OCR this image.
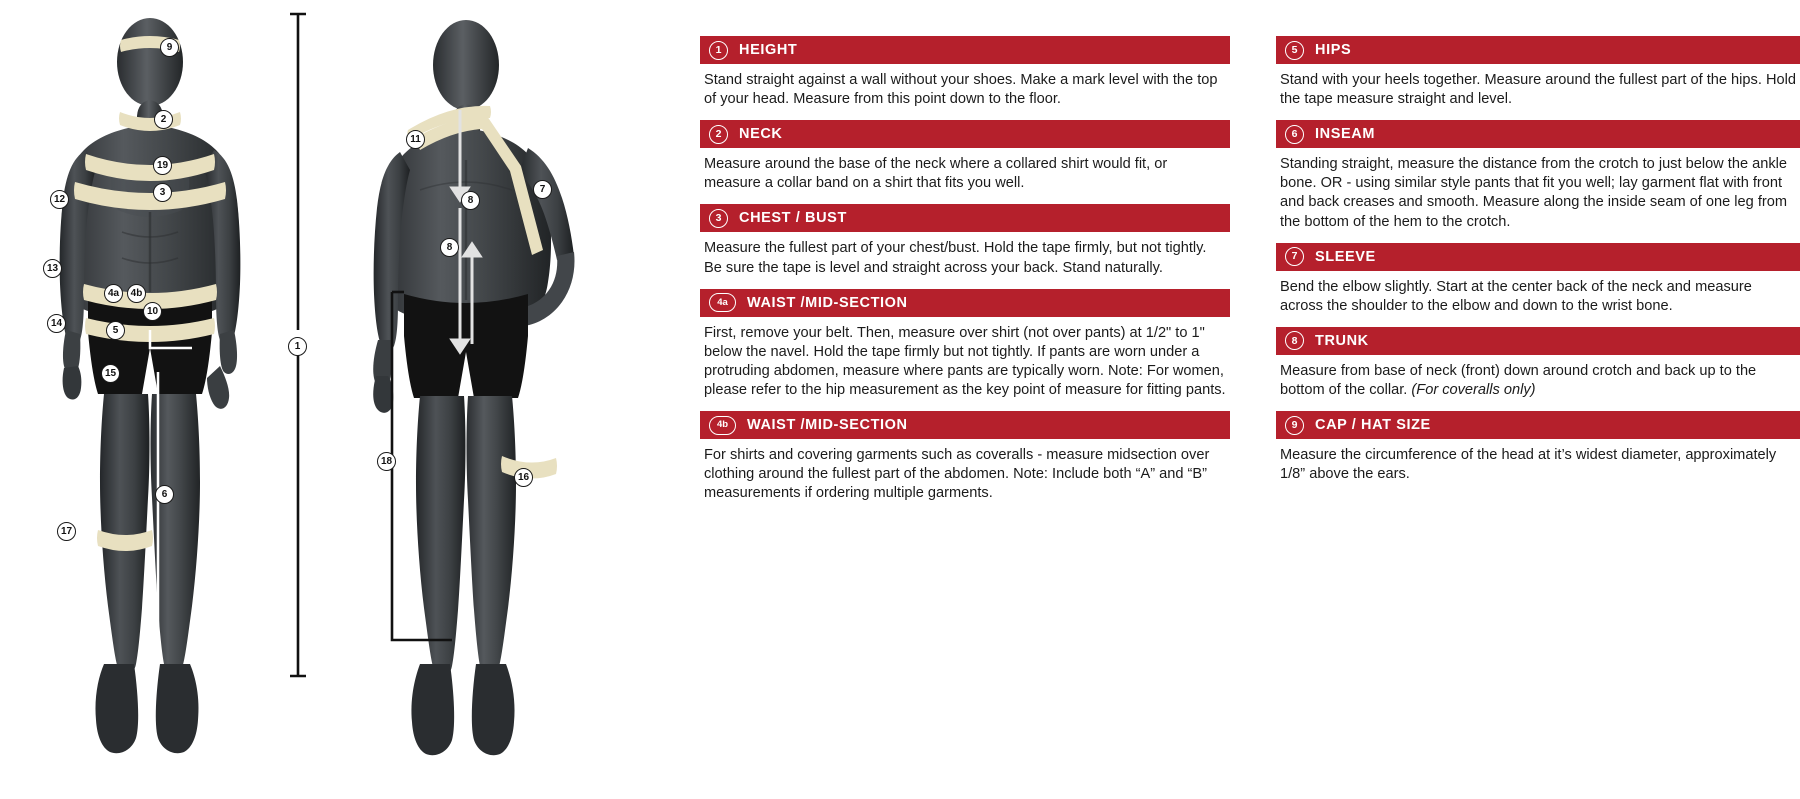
9
2
19
3
12
13
4a	4b
10
14
5
15
6
17
1
11
7
8
8
18
16
1	HEIGHT
Stand straight against a wall without your shoes. Make a mark level with the top of your head. Measure from this point down to the floor.
2	NECK
Measure around the base of the neck where a collared shirt would fit, or measure a collar band on a shirt that fits you well.
3	CHEST / BUST
Measure the fullest part of your chest/bust. Hold the tape firmly, but not tightly. Be sure the tape is level and straight across your back. Stand naturally.
4a	WAIST /MID-SECTION
First, remove your belt. Then, measure over shirt (not over pants) at 1/2" to 1" below the navel. Hold the tape firmly but not tightly. If pants are worn under a protruding abdomen, measure where pants are typically worn. Note: For women, please refer to the hip measurement as the key point of measure for fitting pants.
4b	WAIST /MID-SECTION
For shirts and covering garments such as coveralls - measure midsection over clothing around the fullest part of the abdomen. Note: Include both “A” and “B” measurements if ordering multiple garments.
5	HIPS
Stand with your heels together. Measure around the fullest part of the hips. Hold the tape measure straight and level.
6	INSEAM
Standing straight, measure the distance from the crotch to just below the ankle bone. OR - using similar style pants that fit you well; lay garment flat with front and back creases and smooth. Measure along the inside seam of one leg from the bottom of the hem to the crotch.
7	SLEEVE
Bend the elbow slightly. Start at the center back of the neck and measure across the shoulder to the elbow and down to the wrist bone.
8	TRUNK
Measure from base of neck (front) down around crotch and back up to the bottom of the collar. (For coveralls only)
9	CAP / HAT SIZE
Measure the circumference of the head at it’s widest diameter, approximately 1/8” above the ears.
